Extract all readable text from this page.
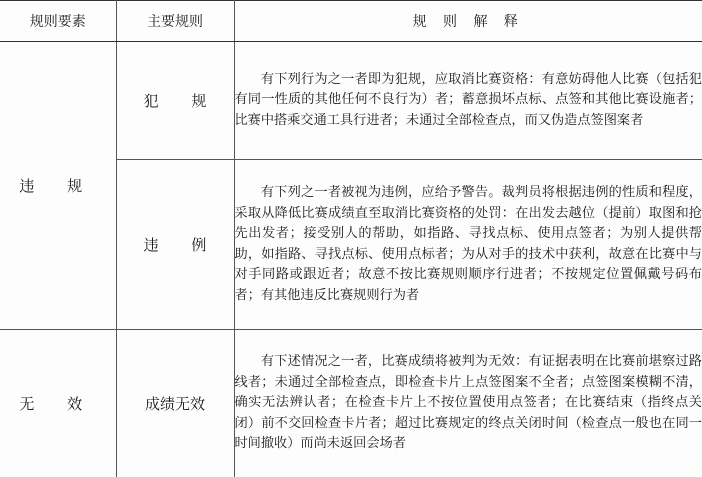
规则要素	主要规则	规 则 解 释
违 规	犯 规	有下列行为之一者即为犯规，应取消比赛资格：有意妨碍他人比赛（包括犯有同一性质的其他任何不良行为）者；蓄意损坏点标、点签和其他比赛设施者；比赛中搭乘交通工具行进者；未通过全部检查点，而又伪造点签图案者
	违 例	有下列之一者被视为违例，应给予警告。裁判员将根据违例的性质和程度，采取从降低比赛成绩直至取消比赛资格的处罚：在出发去越位（提前）取图和抢先出发者；接受别人的帮助，如指路、寻找点标、使用点签者；为别人提供帮助，如指路、寻找点标、使用点标者；为从对手的技术中获利，故意在比赛中与对手同路或跟近者；故意不按比赛规则顺序行进者；不按规定位置佩戴号码布者；有其他违反比赛规则行为者
无 效	成绩无效	有下述情况之一者，比赛成绩将被判为无效：有证据表明在比赛前堪察过路线者；未通过全部检查点，即检查卡片上点签图案不全者；点签图案模糊不清，确实无法辨认者；在检查卡片上不按位置使用点签者；在比赛结束（指终点关闭）前不交回检查卡片者；超过比赛规定的终点关闭时间（检查点一般也在同一时间撤收）而尚未返回会场者
